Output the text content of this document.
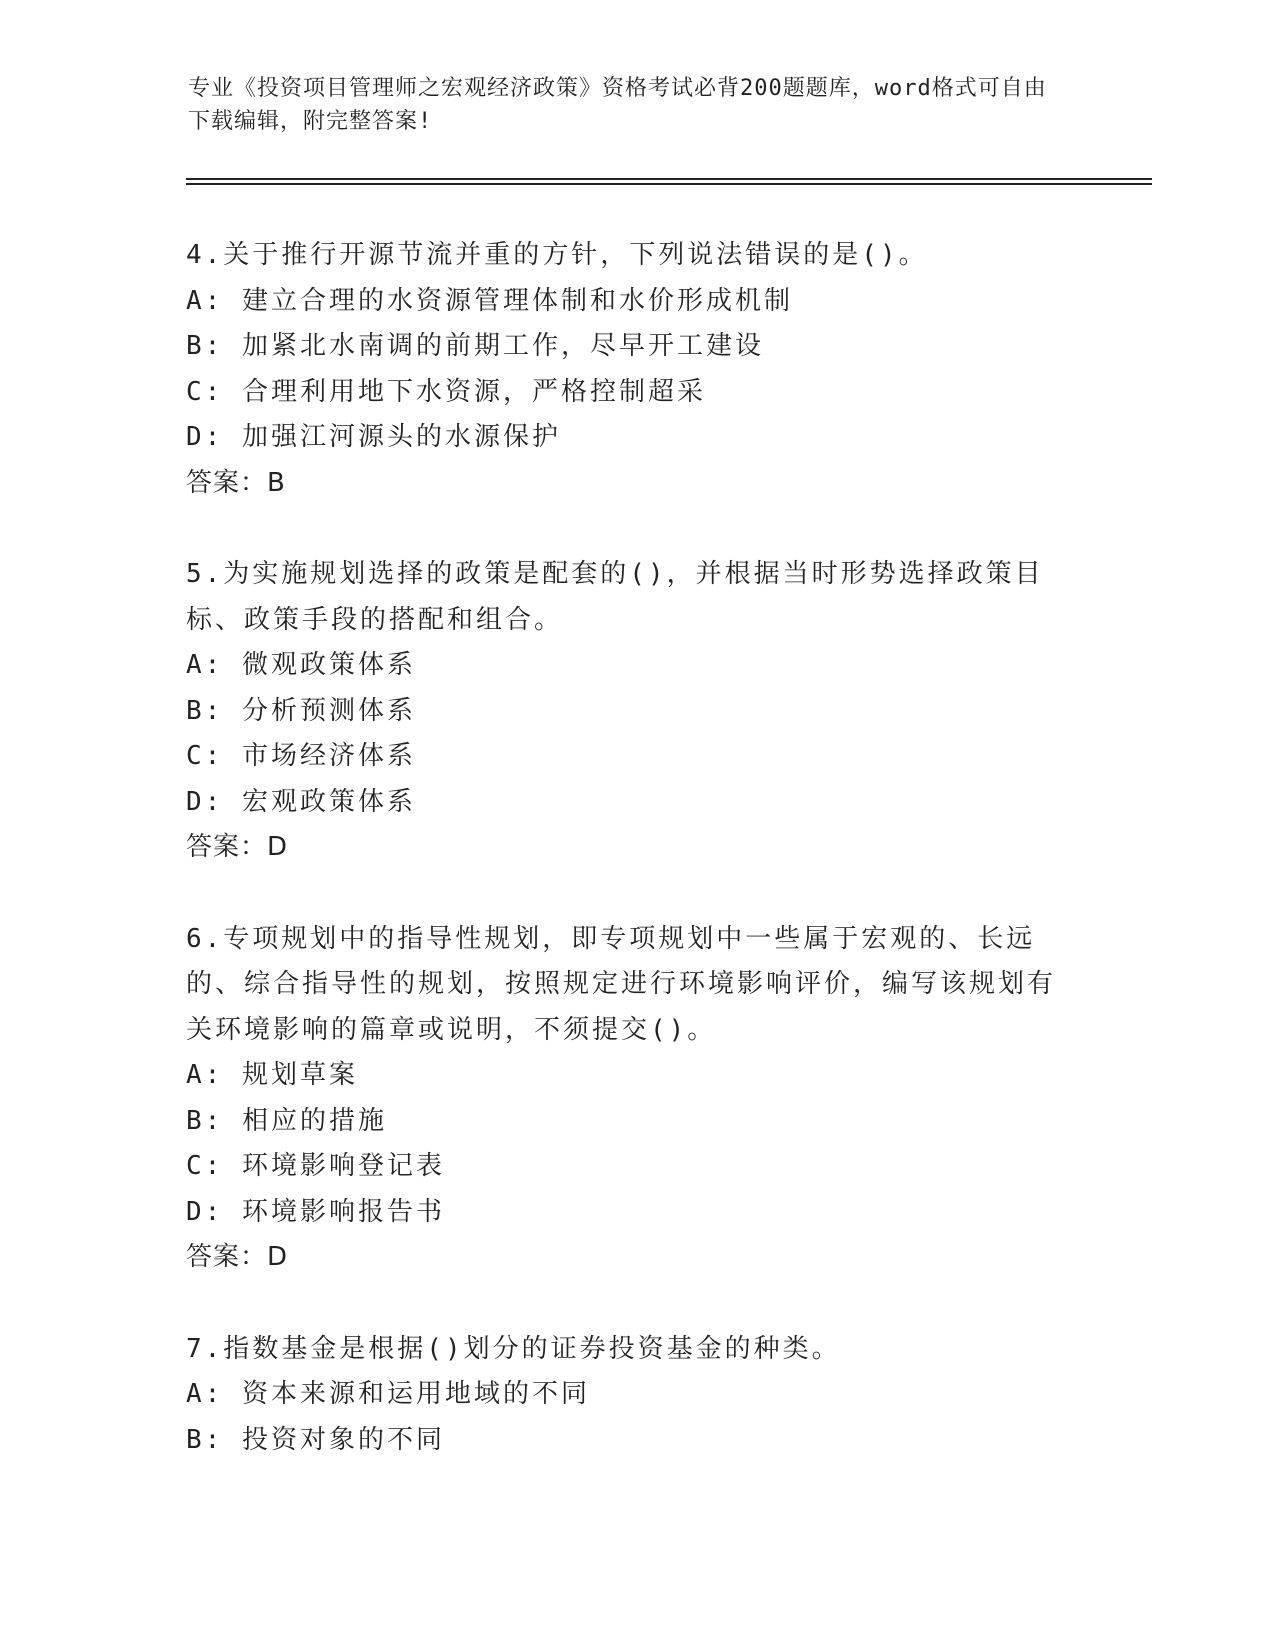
专业《投资项目管理师之宏观经济政策》资格考试必背200题题库，word格式可自由下载编辑，附完整答案!
4.关于推行开源节流并重的方针，下列说法错误的是()。
A: 建立合理的水资源管理体制和水价形成机制
B: 加紧北水南调的前期工作，尽早开工建设
C: 合理利用地下水资源，严格控制超采
D: 加强江河源头的水源保护
答案：B
5.为实施规划选择的政策是配套的()，并根据当时形势选择政策目标、政策手段的搭配和组合。
A: 微观政策体系
B: 分析预测体系
C: 市场经济体系
D: 宏观政策体系
答案：D
6.专项规划中的指导性规划，即专项规划中一些属于宏观的、长远的、综合指导性的规划，按照规定进行环境影响评价，编写该规划有关环境影响的篇章或说明，不须提交()。
A: 规划草案
B: 相应的措施
C: 环境影响登记表
D: 环境影响报告书
答案：D
7.指数基金是根据()划分的证券投资基金的种类。
A: 资本来源和运用地域的不同
B: 投资对象的不同
